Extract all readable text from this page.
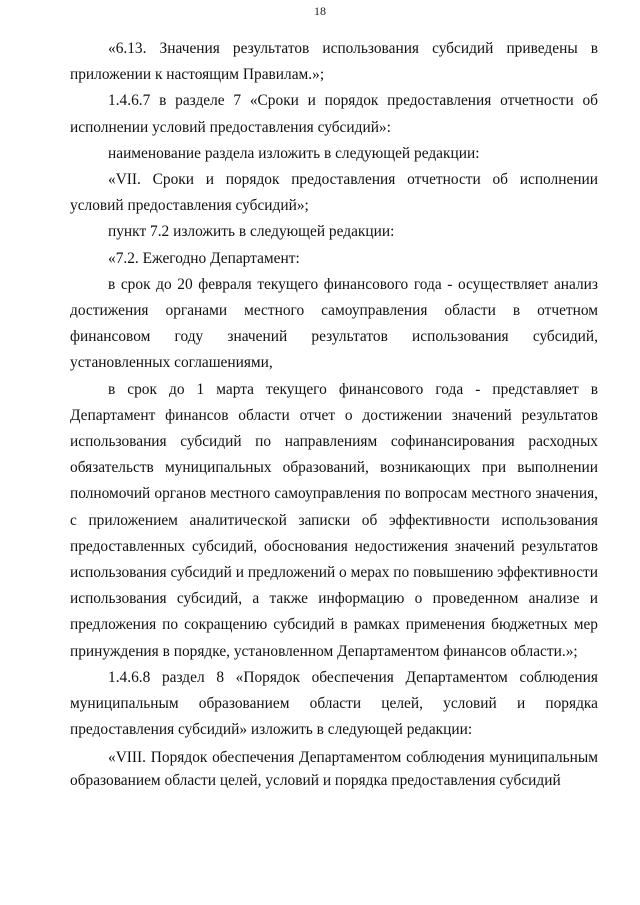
18

«6.13. Значения результатов использования субсидий приведены в приложении к настоящим Правилам.»;

1.4.6.7 в разделе 7 «Сроки и порядок предоставления отчетности об исполнении условий предоставления субсидий»:

наименование раздела изложить в следующей редакции:

«VII. Сроки и порядок предоставления отчетности об исполнении условий предоставления субсидий»;

пункт 7.2 изложить в следующей редакции:

«7.2. Ежегодно Департамент:

в срок до 20 февраля текущего финансового года - осуществляет анализ достижения органами местного самоуправления области в отчетном финансовом году значений результатов использования субсидий, установленных соглашениями,

в срок до 1 марта текущего финансового года - представляет в Департамент финансов области отчет о достижении значений результатов использования субсидий по направлениям софинансирования расходных обязательств муниципальных образований, возникающих при выполнении полномочий органов местного самоуправления по вопросам местного значения, с приложением аналитической записки об эффективности использования предоставленных субсидий, обоснования недостижения значений результатов использования субсидий и предложений о мерах по повышению эффективности использования субсидий, а также информацию о проведенном анализе и предложения по сокращению субсидий в рамках применения бюджетных мер принуждения в порядке, установленном Департаментом финансов области.»;

1.4.6.8 раздел 8 «Порядок обеспечения Департаментом соблюдения муниципальным образованием области целей, условий и порядка предоставления субсидий» изложить в следующей редакции:

«VIII. Порядок обеспечения Департаментом соблюдения муниципальным образованием области целей, условий и порядка предоставления субсидий
